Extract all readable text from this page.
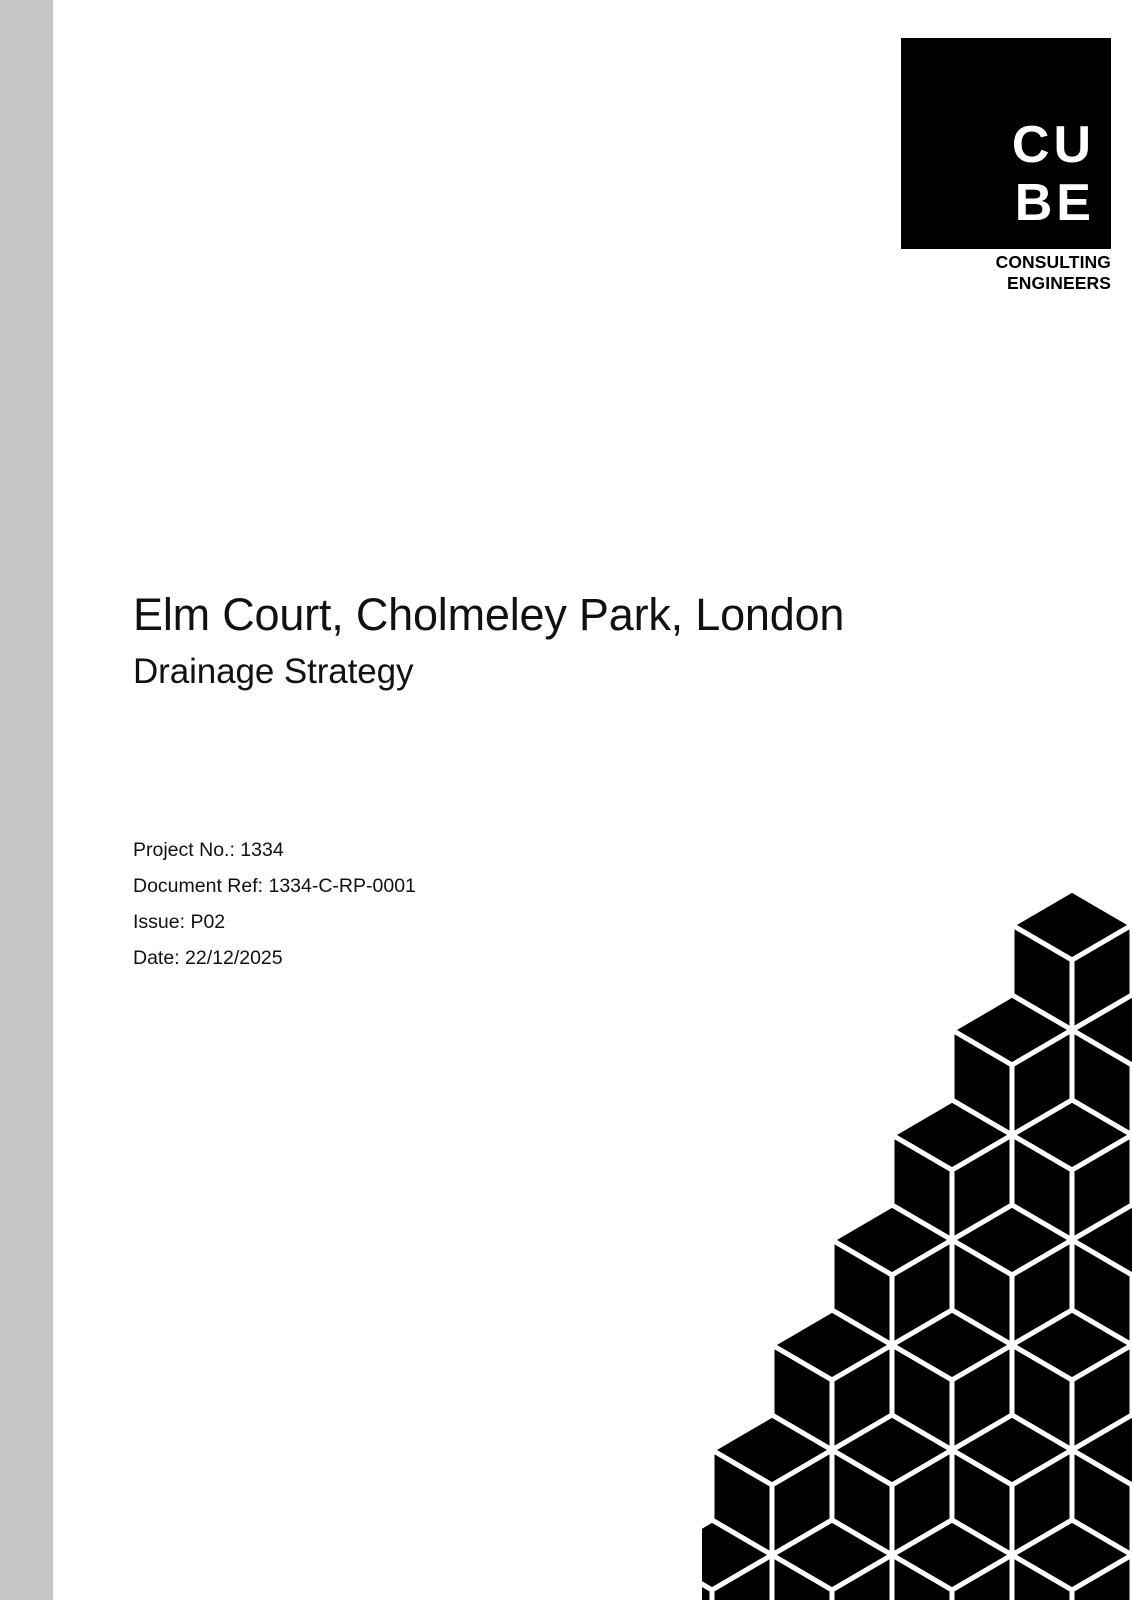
CU
BE
CONSULTING ENGINEERS
Elm Court, Cholmeley Park, London
Drainage Strategy
Project No.: 1334
Document Ref: 1334-C-RP-0001
Issue: P02
Date: 22/12/2025
